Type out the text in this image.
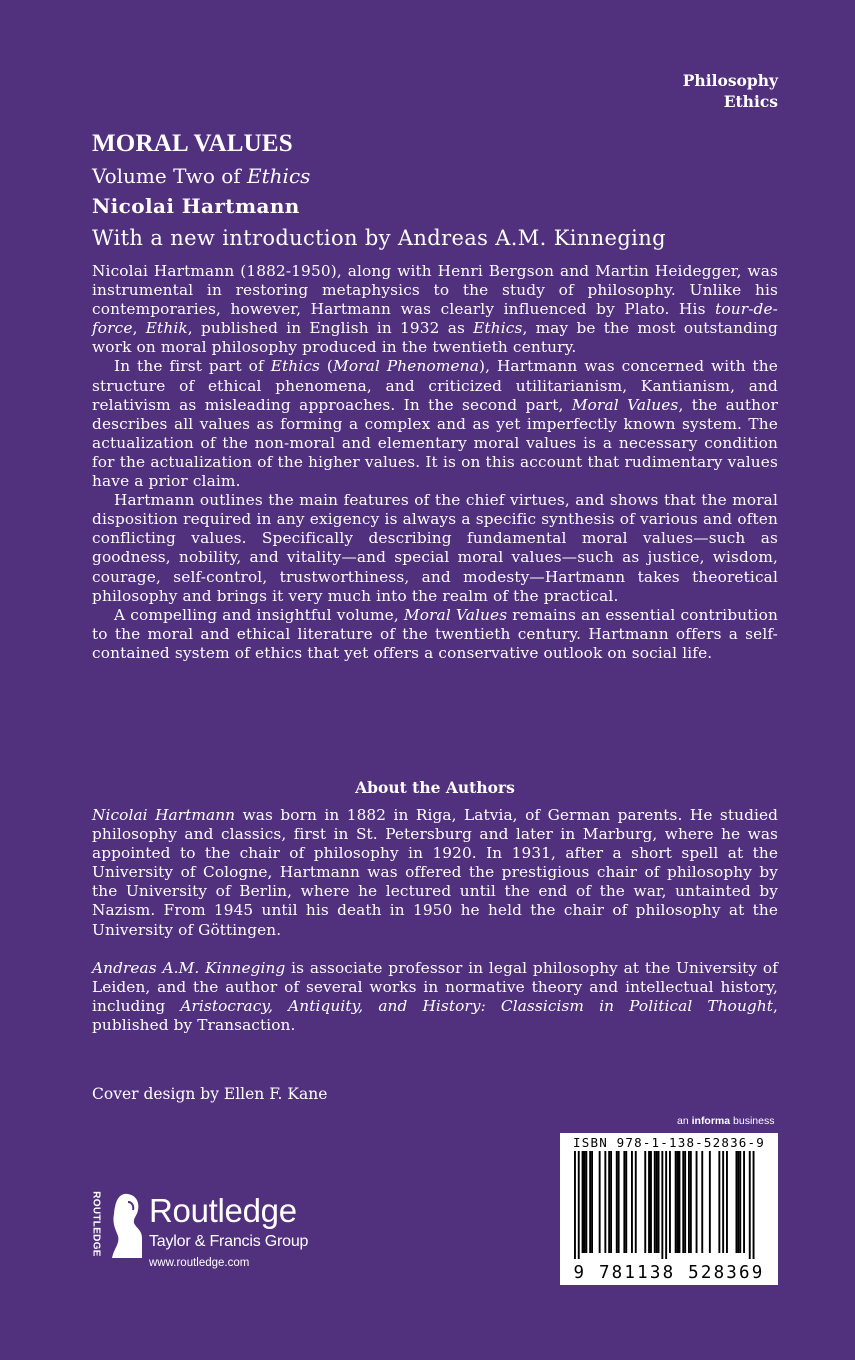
Philosophy
Ethics
MORAL VALUES
Volume Two of Ethics
Nicolai Hartmann
With a new introduction by Andreas A.M. Kinneging

Nicolai Hartmann (1882-1950), along with Henri Bergson and Martin Heidegger, was instrumental in restoring metaphysics to the study of philosophy. Unlike his contemporaries, however, Hartmann was clearly influenced by Plato. His tour-de-force, Ethik, published in English in 1932 as Ethics, may be the most outstanding work on moral philosophy produced in the twentieth century.

In the first part of Ethics (Moral Phenomena), Hartmann was concerned with the structure of ethical phenomena, and criticized utilitarianism, Kantianism, and relativism as misleading approaches. In the second part, Moral Values, the author describes all values as forming a complex and as yet imperfectly known system. The actualization of the non-moral and elementary moral values is a necessary condition for the actualization of the higher values. It is on this account that rudimentary values have a prior claim.

Hartmann outlines the main features of the chief virtues, and shows that the moral disposition required in any exigency is always a specific synthesis of various and often conflicting values. Specifically describing fundamental moral values—such as goodness, nobility, and vitality—and special moral values—such as justice, wisdom, courage, self-control, trustworthiness, and modesty—Hartmann takes theoretical philosophy and brings it very much into the realm of the practical.

A compelling and insightful volume, Moral Values remains an essential contribution to the moral and ethical literature of the twentieth century. Hartmann offers a self-contained system of ethics that yet offers a conservative outlook on social life.

About the Authors

Nicolai Hartmann was born in 1882 in Riga, Latvia, of German parents. He studied philosophy and classics, first in St. Petersburg and later in Marburg, where he was appointed to the chair of philosophy in 1920. In 1931, after a short spell at the University of Cologne, Hartmann was offered the prestigious chair of philosophy by the University of Berlin, where he lectured until the end of the war, untainted by Nazism. From 1945 until his death in 1950 he held the chair of philosophy at the University of Göttingen.

Andreas A.M. Kinneging is associate professor in legal philosophy at the University of Leiden, and the author of several works in normative theory and intellectual history, including Aristocracy, Antiquity, and History: Classicism in Political Thought, published by Transaction.

Cover design by Ellen F. Kane
an informa business
ISBN 978-1-138-52836-9
9 781138 528369
ROUTLEDGE Routledge
Taylor & Francis Group
www.routledge.com
